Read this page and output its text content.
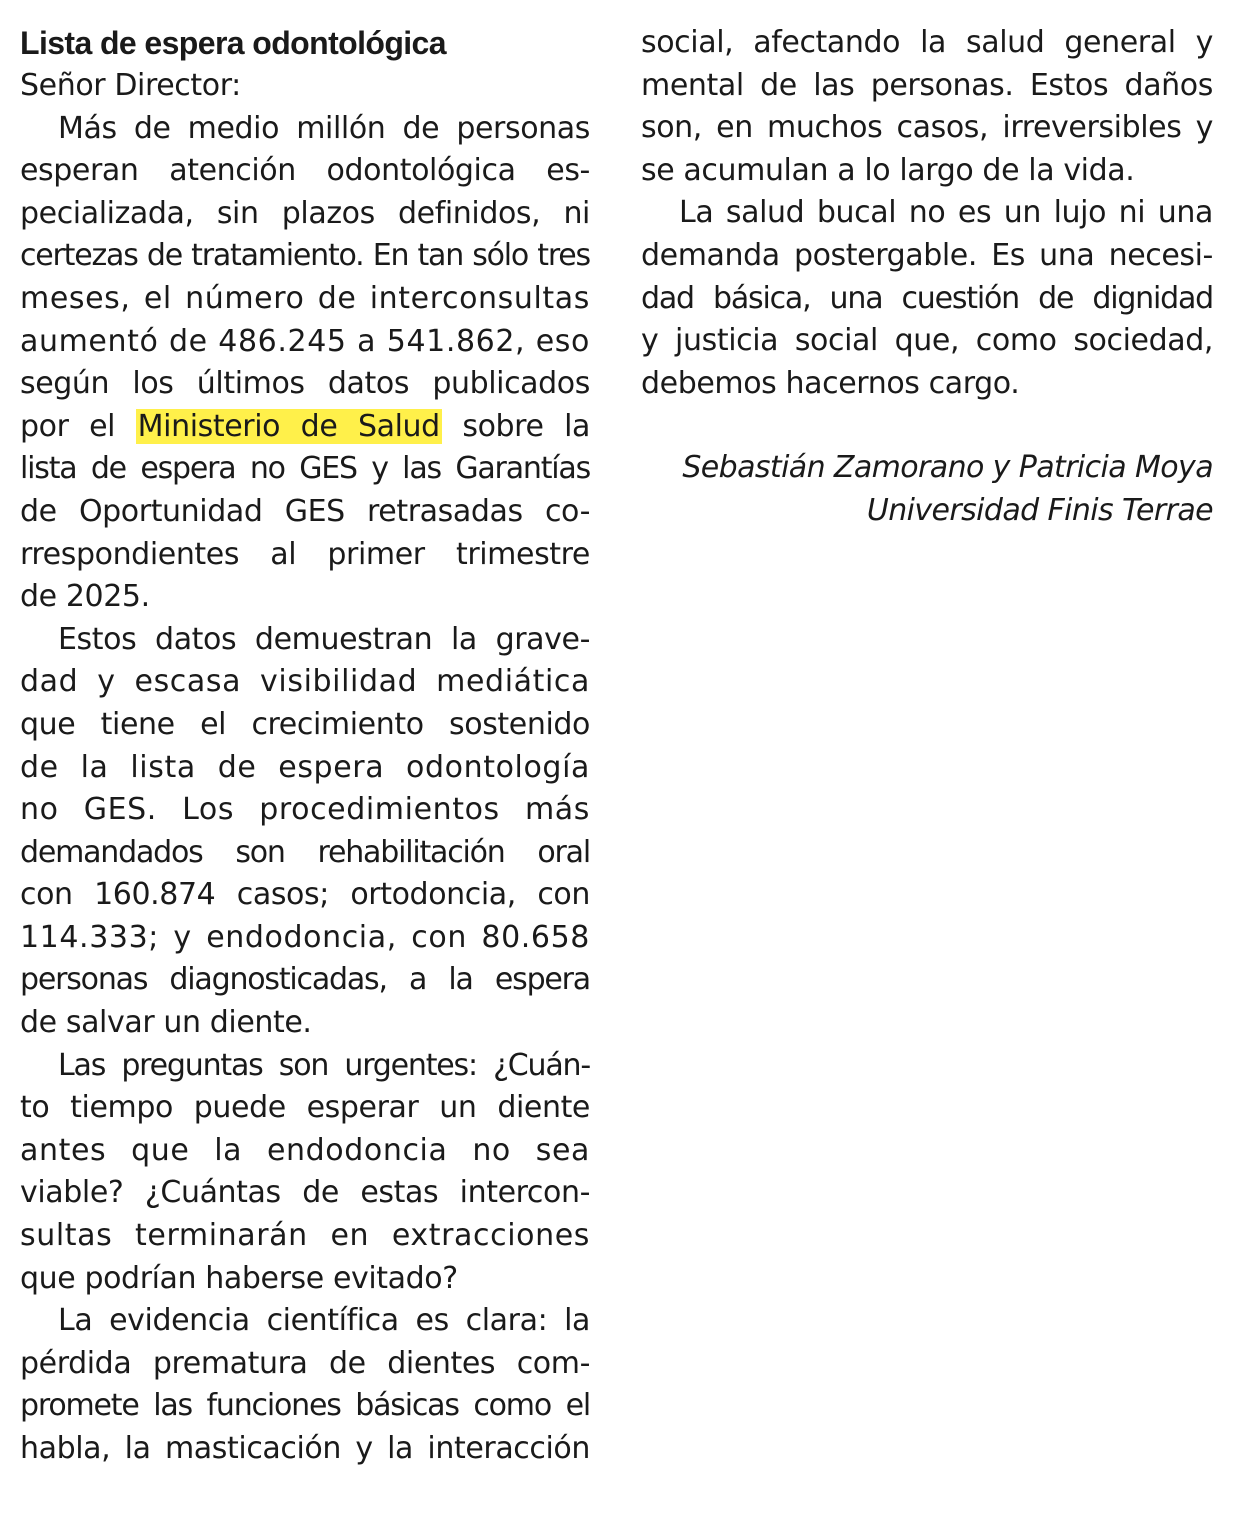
Lista de espera odontológica
Señor Director:
Más de medio millón de personas
esperan atención odontológica es-
pecializada, sin plazos definidos, ni
certezas de tratamiento. En tan sólo tres
meses, el número de interconsultas
aumentó de 486.245 a 541.862, eso
según los últimos datos publicados
por el Ministerio de Salud sobre la
lista de espera no GES y las Garantías
de Oportunidad GES retrasadas co-
rrespondientes al primer trimestre
de 2025.
Estos datos demuestran la grave-
dad y escasa visibilidad mediática
que tiene el crecimiento sostenido
de la lista de espera odontología
no GES. Los procedimientos más
demandados son rehabilitación oral
con 160.874 casos; ortodoncia, con
114.333; y endodoncia, con 80.658
personas diagnosticadas, a la espera
de salvar un diente.
Las preguntas son urgentes: ¿Cuán-
to tiempo puede esperar un diente
antes que la endodoncia no sea
viable? ¿Cuántas de estas intercon-
sultas terminarán en extracciones
que podrían haberse evitado?
La evidencia científica es clara: la
pérdida prematura de dientes com-
promete las funciones básicas como el
habla, la masticación y la interacción
social, afectando la salud general y
mental de las personas. Estos daños
son, en muchos casos, irreversibles y
se acumulan a lo largo de la vida.
La salud bucal no es un lujo ni una
demanda postergable. Es una necesi-
dad básica, una cuestión de dignidad
y justicia social que, como sociedad,
debemos hacernos cargo.
Sebastián Zamorano y Patricia Moya
Universidad Finis Terrae
